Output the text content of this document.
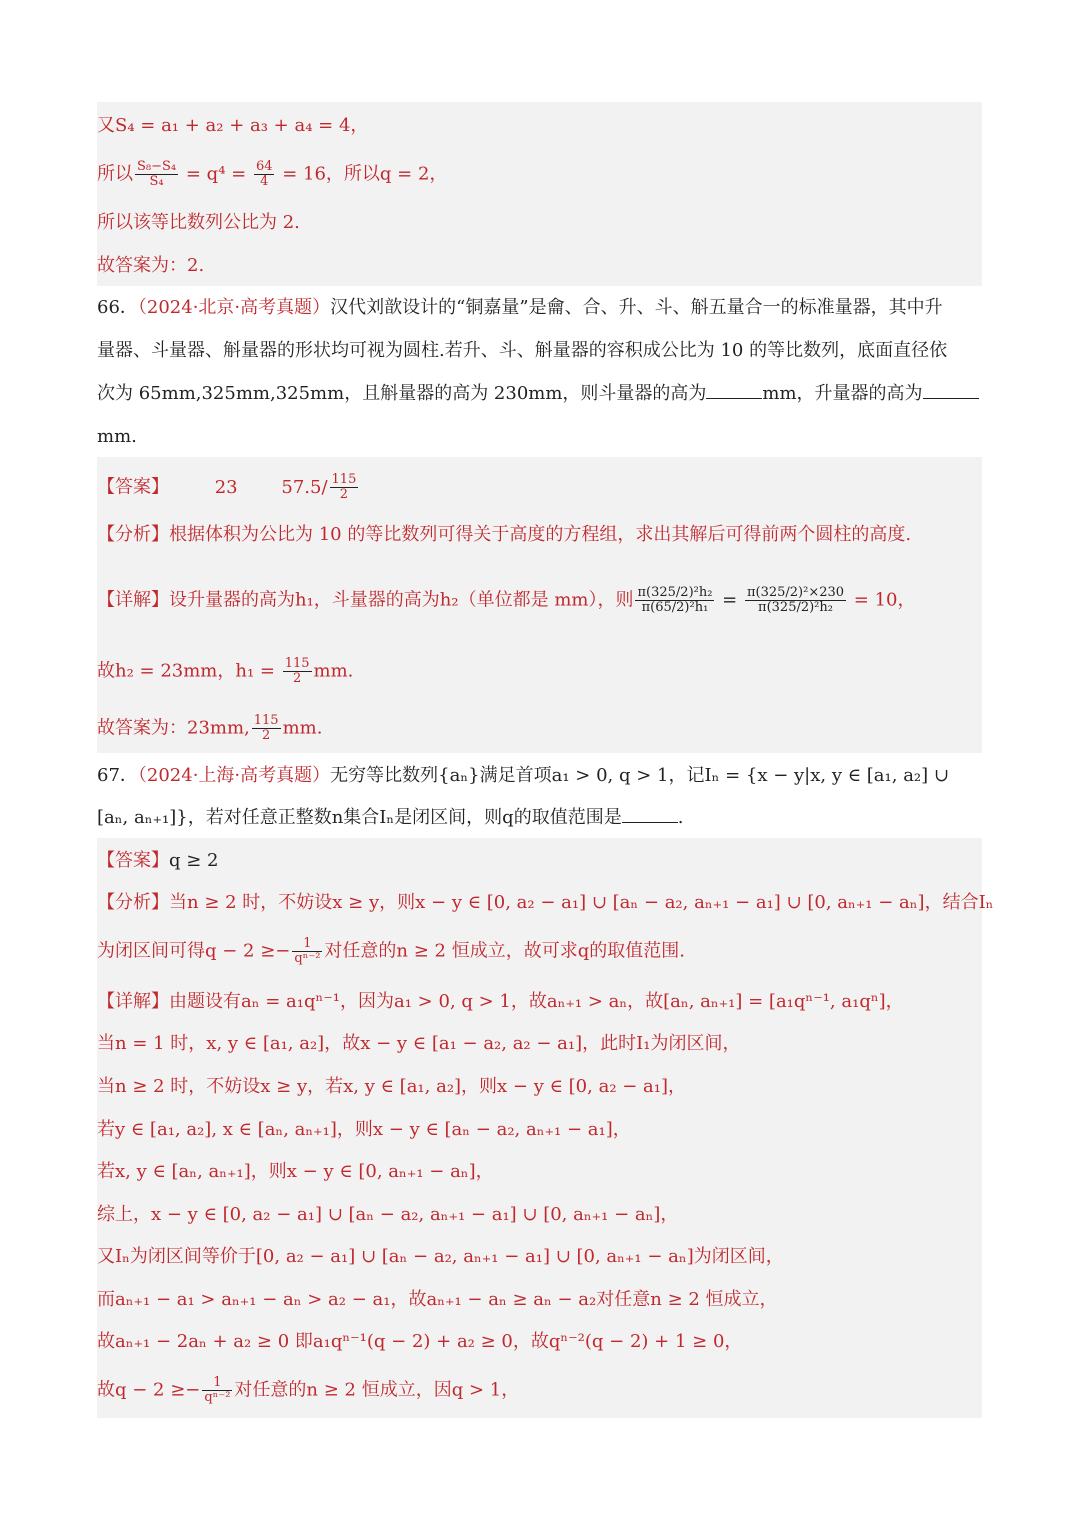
又S₄ = a₁ + a₂ + a₃ + a₄ = 4，
所以 $\frac{\text{S₈−S₄}}{\text{S₄}} = q^4 = \frac{64}{4} = 16$，所以q = 2，
所以该等比数列公比为 2.
故答案为：2.
66．（2024·北京·高考真题）汉代刘歆设计的“铜嘉量”是龠、合、升、斗、斛五量合一的标准量器，其中升
量器、斗量器、斛量器的形状均可视为圆柱.若升、斗、斛量器的容积成公比为 10 的等比数列，底面直径依
次为 65mm,325mm,325mm，且斛量器的高为 230mm，则斗量器的高为	mm，升量器的高为
mm.
【答案】	23 $57.5/ \frac{115}{2}$
【分析】根据体积为公比为 10 的等比数列可得关于高度的方程组，求出其解后可得前两个圆柱的高度.
【详解】设升量器的高为h₁，斗量器的高为h₂（单位都是 mm），则 $\frac{\text{π(325/2)²h₂}}{\text{π(65/2)²h₁}} = \frac{\text{π(325/2)²×230}}{\text{π(325/2)²h₂}} = 10$，
故h₂ = 23mm，$h_1 = \frac{115}{2}$ mm.
故答案为：23mm, $\frac{115}{2}$ mm.
67．（2024·上海·高考真题）无穷等比数列{aₙ}满足首项a₁ > 0, q > 1，记Iₙ = {x − y|x, y ∈ [a₁, a₂] ∪
[aₙ, aₙ₊₁]}，若对任意正整数n集合Iₙ是闭区间，则q的取值范围是	.
【答案】q ≥ 2
【分析】当n ≥ 2 时，不妨设x ≥ y，则x − y ∈ [0, a₂ − a₁] ∪ [aₙ − a₂, aₙ₊₁ − a₁] ∪ [0, aₙ₊₁ − aₙ]，结合Iₙ
为闭区间可得$q - 2 \ge- \frac{1}{\text{qⁿ⁻²}}$ 对任意的n ≥ 2 恒成立，故可求q的取值范围.
【详解】由题设有aₙ = a₁qⁿ⁻¹，因为a₁ > 0, q > 1，故aₙ₊₁ > aₙ，故[aₙ, aₙ₊₁] = [a₁qⁿ⁻¹, a₁qⁿ]，
当n = 1 时，x, y ∈ [a₁, a₂]，故x − y ∈ [a₁ − a₂, a₂ − a₁]，此时I₁为闭区间，
当n ≥ 2 时，不妨设x ≥ y，若x, y ∈ [a₁, a₂]，则x − y ∈ [0, a₂ − a₁]，
若y ∈ [a₁, a₂], x ∈ [aₙ, aₙ₊₁]，则x − y ∈ [aₙ − a₂, aₙ₊₁ − a₁]，
若x, y ∈ [aₙ, aₙ₊₁]，则x − y ∈ [0, aₙ₊₁ − aₙ]，
综上，x − y ∈ [0, a₂ − a₁] ∪ [aₙ − a₂, aₙ₊₁ − a₁] ∪ [0, aₙ₊₁ − aₙ]，
又Iₙ为闭区间等价于[0, a₂ − a₁] ∪ [aₙ − a₂, aₙ₊₁ − a₁] ∪ [0, aₙ₊₁ − aₙ]为闭区间，
而aₙ₊₁ − a₁ > aₙ₊₁ − aₙ > a₂ − a₁，故aₙ₊₁ − aₙ ≥ aₙ − a₂对任意n ≥ 2 恒成立，
故aₙ₊₁ − 2aₙ + a₂ ≥ 0 即a₁qⁿ⁻¹(q − 2) + a₂ ≥ 0，故qⁿ⁻²(q − 2) + 1 ≥ 0，
故$q - 2 \ge- \frac{1}{\text{qⁿ⁻²}}$ 对任意的n ≥ 2 恒成立，因q > 1，
